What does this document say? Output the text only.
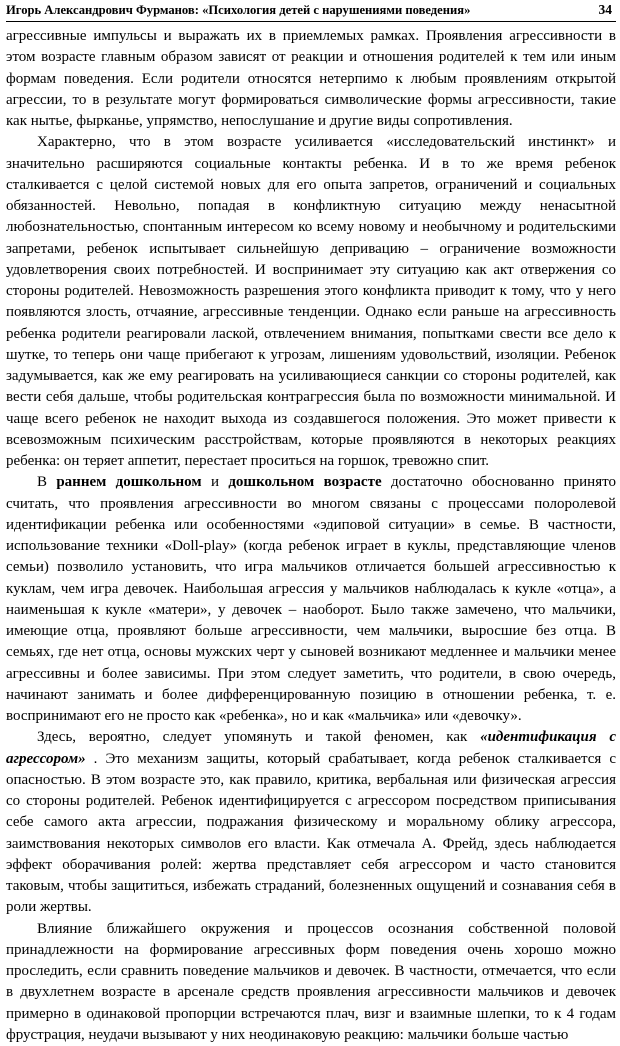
Игорь Александрович Фурманов: «Психология детей с нарушениями поведения»	34

агрессивные импульсы и выражать их в приемлемых рамках. Проявления агрессивности в этом возрасте главным образом зависят от реакции и отношения родителей к тем или иным формам поведения. Если родители относятся нетерпимо к любым проявлениям открытой агрессии, то в результате могут формироваться символические формы агрессивности, такие как нытье, фырканье, упрямство, непослушание и другие виды сопротивления.

Характерно, что в этом возрасте усиливается «исследовательский инстинкт» и значительно расширяются социальные контакты ребенка. И в то же время ребенок сталкивается с целой системой новых для его опыта запретов, ограничений и социальных обязанностей. Невольно, попадая в конфликтную ситуацию между ненасытной любознательностью, спонтанным интересом ко всему новому и необычному и родительскими запретами, ребенок испытывает сильнейшую депривацию – ограничение возможности удовлетворения своих потребностей. И воспринимает эту ситуацию как акт отвержения со стороны родителей. Невозможность разрешения этого конфликта приводит к тому, что у него появляются злость, отчаяние, агрессивные тенденции. Однако если раньше на агрессивность ребенка родители реагировали лаской, отвлечением внимания, попытками свести все дело к шутке, то теперь они чаще прибегают к угрозам, лишениям удовольствий, изоляции. Ребенок задумывается, как же ему реагировать на усиливающиеся санкции со стороны родителей, как вести себя дальше, чтобы родительская контрагрессия была по возможности минимальной. И чаще всего ребенок не находит выхода из создавшегося положения. Это может привести к всевозможным психическим расстройствам, которые проявляются в некоторых реакциях ребенка: он теряет аппетит, перестает проситься на горшок, тревожно спит.

В раннем дошкольном и дошкольном возрасте достаточно обоснованно принято считать, что проявления агрессивности во многом связаны с процессами полоролевой идентификации ребенка или особенностями «эдиповой ситуации» в семье. В частности, использование техники «Doll-play» (когда ребенок играет в куклы, представляющие членов семьи) позволило установить, что игра мальчиков отличается большей агрессивностью к куклам, чем игра девочек. Наибольшая агрессия у мальчиков наблюдалась к кукле «отца», а наименьшая к кукле «матери», у девочек – наоборот. Было также замечено, что мальчики, имеющие отца, проявляют больше агрессивности, чем мальчики, выросшие без отца. В семьях, где нет отца, основы мужских черт у сыновей возникают медленнее и мальчики менее агрессивны и более зависимы. При этом следует заметить, что родители, в свою очередь, начинают занимать и более дифференцированную позицию в отношении ребенка, т. е. воспринимают его не просто как «ребенка», но и как «мальчика» или «девочку».

Здесь, вероятно, следует упомянуть и такой феномен, как «идентификация с агрессором» . Это механизм защиты, который срабатывает, когда ребенок сталкивается с опасностью. В этом возрасте это, как правило, критика, вербальная или физическая агрессия со стороны родителей. Ребенок идентифицируется с агрессором посредством приписывания себе самого акта агрессии, подражания физическому и моральному облику агрессора, заимствования некоторых символов его власти. Как отмечала А. Фрейд, здесь наблюдается эффект оборачивания ролей: жертва представляет себя агрессором и часто становится таковым, чтобы защититься, избежать страданий, болезненных ощущений и сознавания себя в роли жертвы.

Влияние ближайшего окружения и процессов осознания собственной половой принадлежности на формирование агрессивных форм поведения очень хорошо можно проследить, если сравнить поведение мальчиков и девочек. В частности, отмечается, что если в двухлетнем возрасте в арсенале средств проявления агрессивности мальчиков и девочек примерно в одинаковой пропорции встречаются плач, визг и взаимные шлепки, то к 4 годам фрустрация, неудачи вызывают у них неодинаковую реакцию: мальчики больше частью
